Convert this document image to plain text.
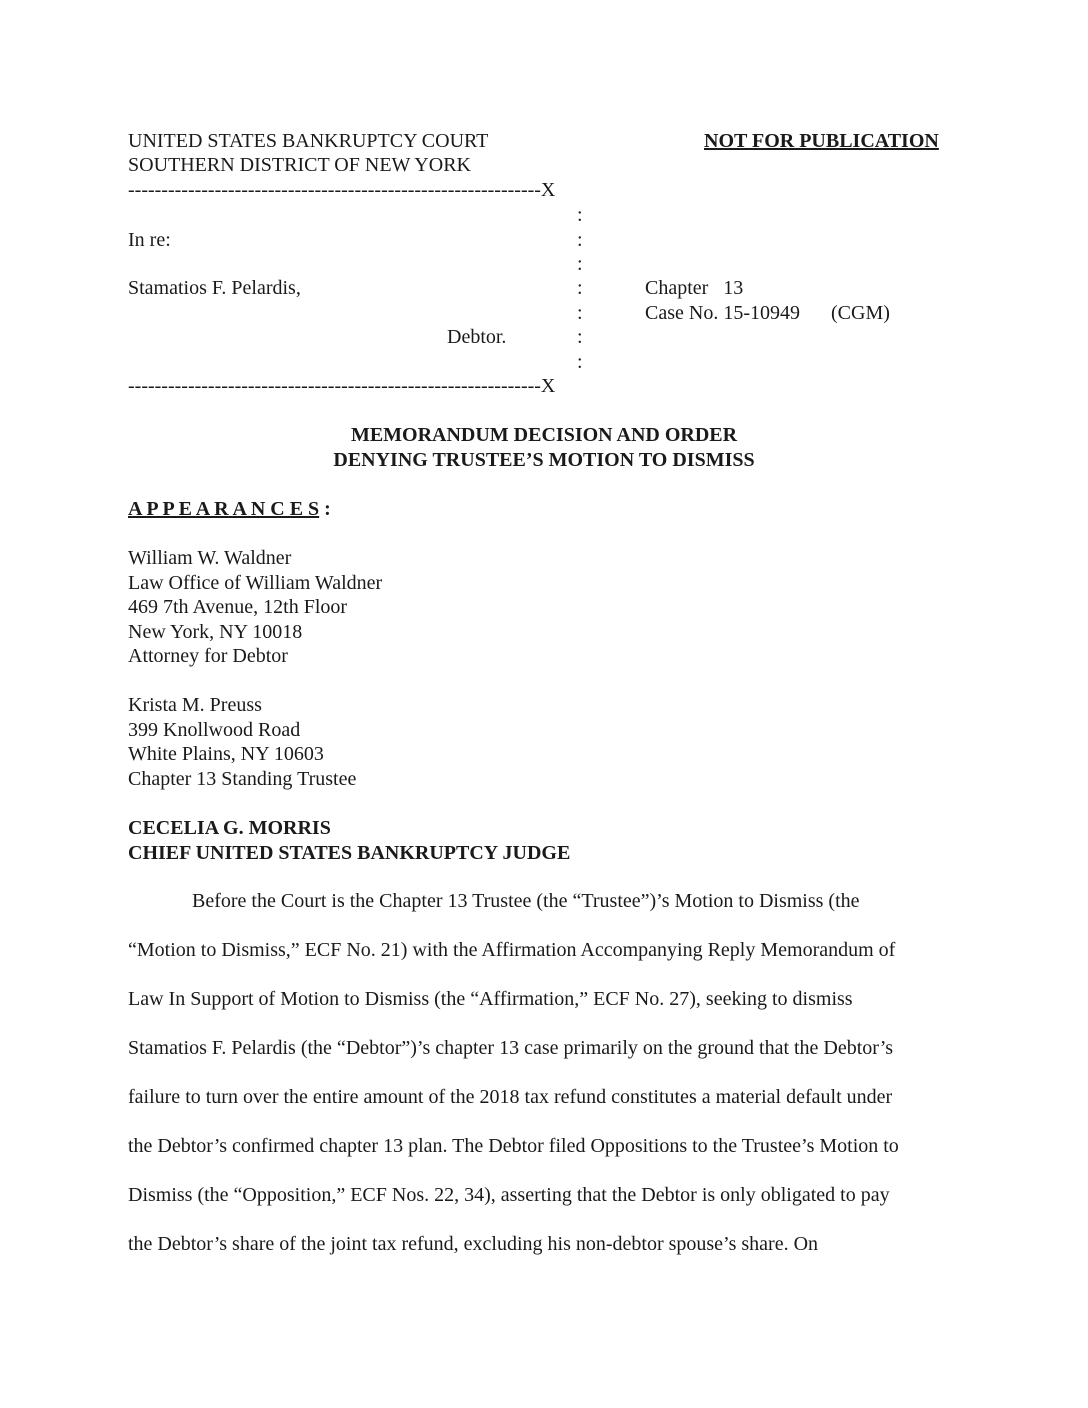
UNITED STATES BANKRUPTCY COURT
SOUTHERN DISTRICT OF NEW YORK
NOT FOR PUBLICATION
--------------------------------------------------------------X
:
In re:	:
:
Stamatios F. Pelardis,	:	Chapter   13
:	Case No. 15-10949 (CGM)
Debtor.	:
:
--------------------------------------------------------------X
MEMORANDUM DECISION AND ORDER
DENYING TRUSTEE’S MOTION TO DISMISS
A P P E A R A N C E S :
William W. Waldner
Law Office of William Waldner
469 7th Avenue, 12th Floor
New York, NY 10018
Attorney for Debtor
Krista M. Preuss
399 Knollwood Road
White Plains, NY 10603
Chapter 13 Standing Trustee
CECELIA G. MORRIS
CHIEF UNITED STATES BANKRUPTCY JUDGE
Before the Court is the Chapter 13 Trustee (the “Trustee”)’s Motion to Dismiss (the
“Motion to Dismiss,” ECF No. 21) with the Affirmation Accompanying Reply Memorandum of
Law In Support of Motion to Dismiss (the “Affirmation,” ECF No. 27), seeking to dismiss
Stamatios F. Pelardis (the “Debtor”)’s chapter 13 case primarily on the ground that the Debtor’s
failure to turn over the entire amount of the 2018 tax refund constitutes a material default under
the Debtor’s confirmed chapter 13 plan. The Debtor filed Oppositions to the Trustee’s Motion to
Dismiss (the “Opposition,” ECF Nos. 22, 34), asserting that the Debtor is only obligated to pay
the Debtor’s share of the joint tax refund, excluding his non-debtor spouse’s share. On
